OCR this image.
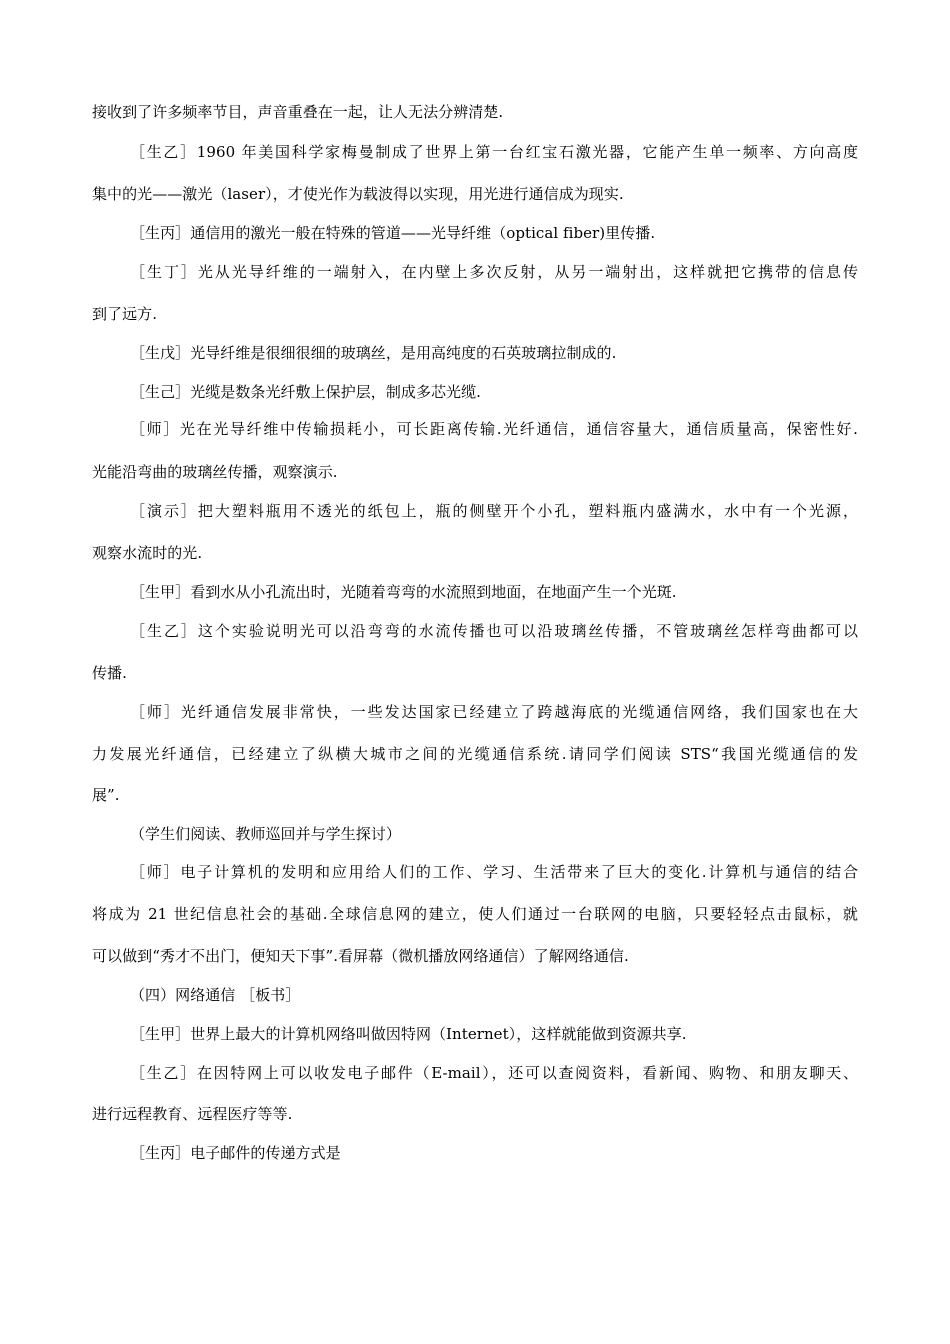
接收到了许多频率节目，声音重叠在一起，让人无法分辨清楚.
［生乙］1960 年美国科学家梅曼制成了世界上第一台红宝石激光器，它能产生单一频率、方向高度
集中的光——激光（laser），才使光作为载波得以实现，用光进行通信成为现实.
［生丙］通信用的激光一般在特殊的管道——光导纤维（optical fiber)里传播.
［生丁］光从光导纤维的一端射入，在内壁上多次反射，从另一端射出，这样就把它携带的信息传
到了远方.
［生戊］光导纤维是很细很细的玻璃丝，是用高纯度的石英玻璃拉制成的.
［生己］光缆是数条光纤敷上保护层，制成多芯光缆.
［师］光在光导纤维中传输损耗小，可长距离传输.光纤通信，通信容量大，通信质量高，保密性好.
光能沿弯曲的玻璃丝传播，观察演示.
［演示］把大塑料瓶用不透光的纸包上，瓶的侧壁开个小孔，塑料瓶内盛满水，水中有一个光源，
观察水流时的光.
［生甲］看到水从小孔流出时，光随着弯弯的水流照到地面，在地面产生一个光斑.
［生乙］这个实验说明光可以沿弯弯的水流传播也可以沿玻璃丝传播，不管玻璃丝怎样弯曲都可以
传播.
［师］光纤通信发展非常快，一些发达国家已经建立了跨越海底的光缆通信网络，我们国家也在大
力发展光纤通信，已经建立了纵横大城市之间的光缆通信系统.请同学们阅读 STS“我国光缆通信的发
展”.
（学生们阅读、教师巡回并与学生探讨）
［师］电子计算机的发明和应用给人们的工作、学习、生活带来了巨大的变化.计算机与通信的结合
将成为 21 世纪信息社会的基础.全球信息网的建立，使人们通过一台联网的电脑，只要轻轻点击鼠标，就
可以做到“秀才不出门，便知天下事”.看屏幕（微机播放网络通信）了解网络通信.
（四）网络通信 ［板书］
［生甲］世界上最大的计算机网络叫做因特网（Internet），这样就能做到资源共享.
［生乙］在因特网上可以收发电子邮件（E-mail），还可以查阅资料，看新闻、购物、和朋友聊天、
进行远程教育、远程医疗等等.
［生丙］电子邮件的传递方式是
